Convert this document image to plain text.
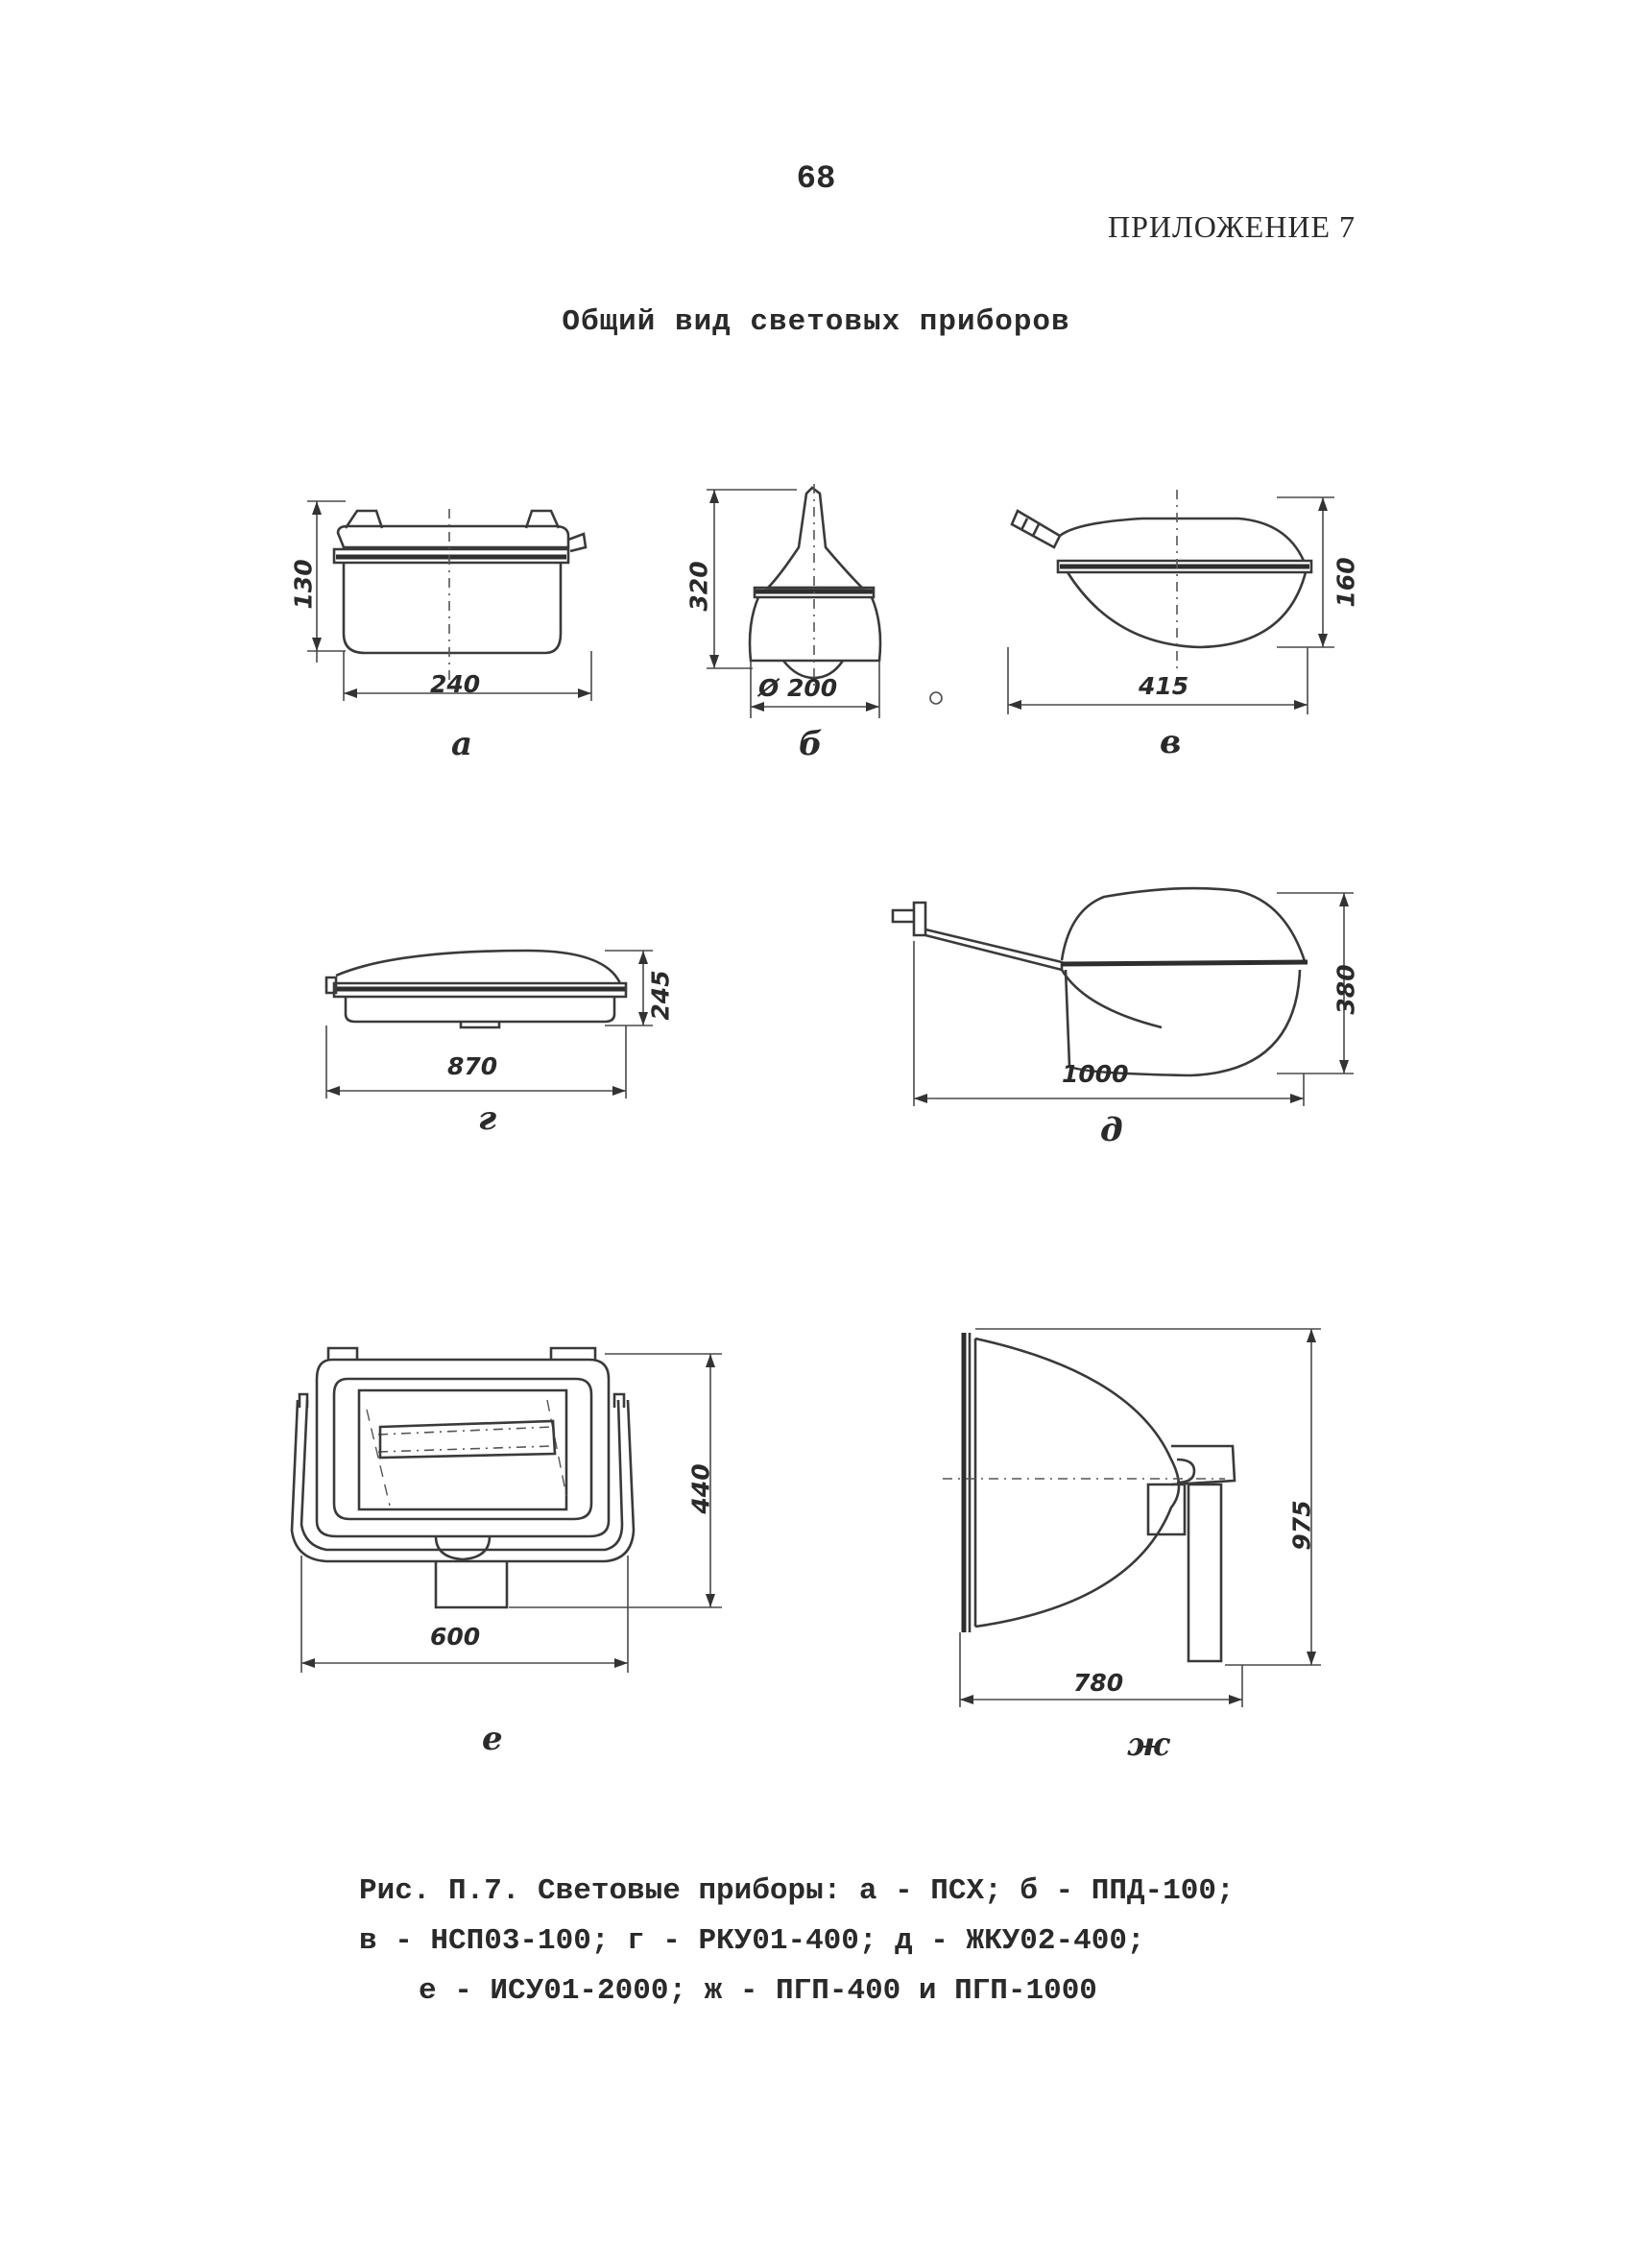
68
ПРИЛОЖЕНИЕ 7
Общий вид световых приборов
130
240
а
320
Ø 200
б
160
415
в
245
870
г
380
1000
д
440
600
е
975
780
ж
Рис. П.7. Световые приборы: а - ПСХ; б - ППД-100;
в - НСП03-100; г - РКУ01-400; д - ЖКУ02-400;
е - ИСУ01-2000; ж - ПГП-400 и ПГП-1000
